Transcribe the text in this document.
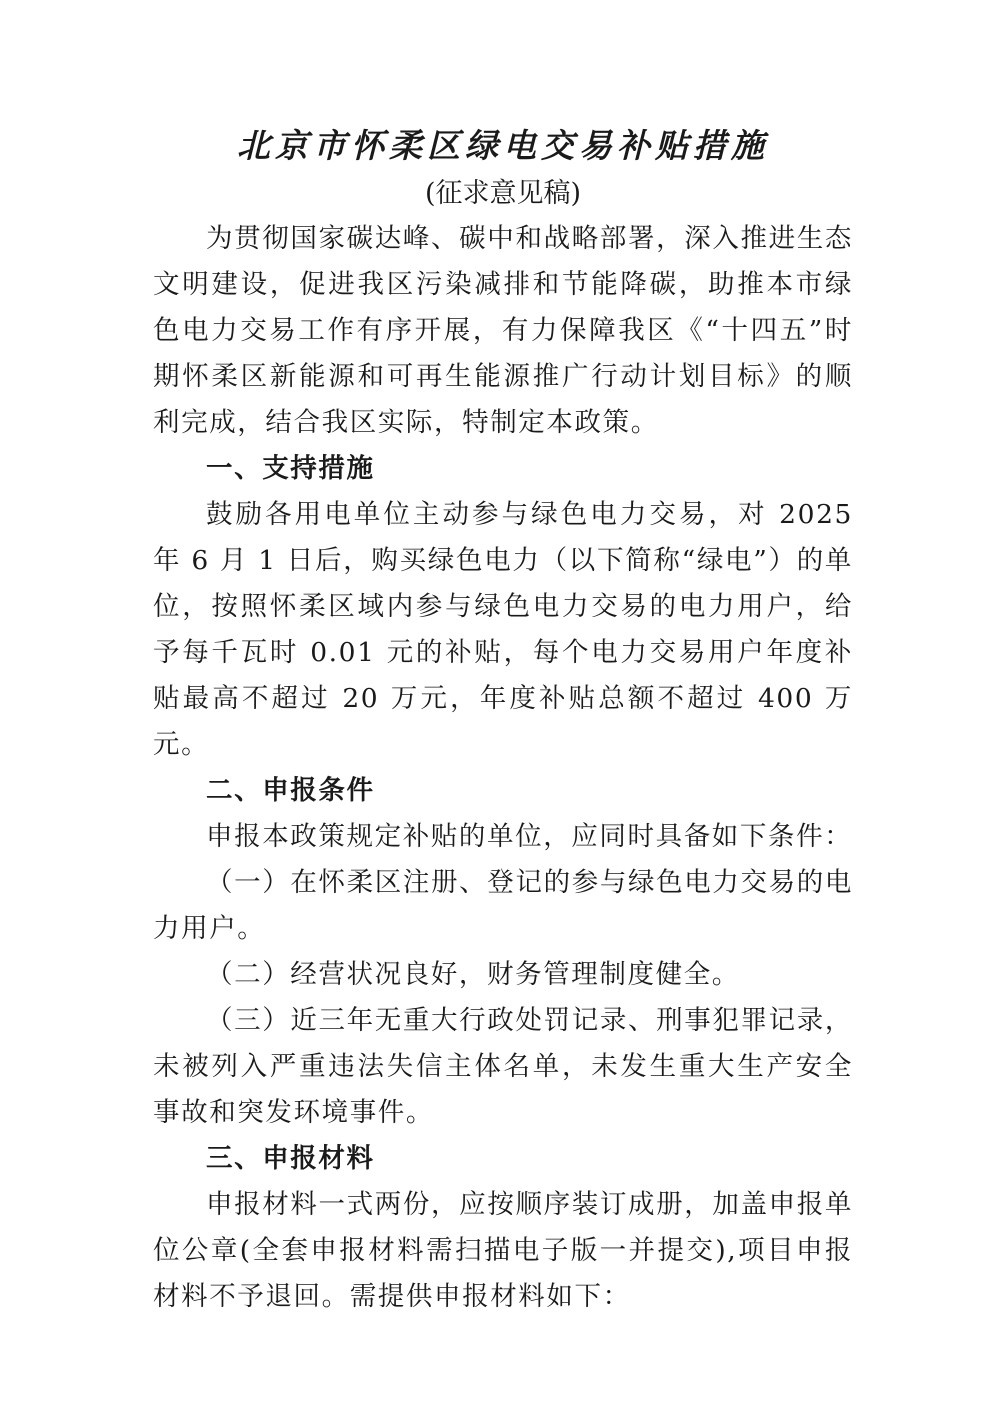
北京市怀柔区绿电交易补贴措施
(征求意见稿)

为贯彻国家碳达峰、碳中和战略部署，深入推进生态文明建设，促进我区污染减排和节能降碳，助推本市绿色电力交易工作有序开展，有力保障我区《“十四五”时期怀柔区新能源和可再生能源推广行动计划目标》的顺利完成，结合我区实际，特制定本政策。

一、支持措施

鼓励各用电单位主动参与绿色电力交易，对 2025 年 6 月 1 日后，购买绿色电力（以下简称“绿电”）的单位，按照怀柔区域内参与绿色电力交易的电力用户，给予每千瓦时 0.01 元的补贴，每个电力交易用户年度补贴最高不超过 20 万元，年度补贴总额不超过 400 万元。

二、申报条件

申报本政策规定补贴的单位，应同时具备如下条件：

（一）在怀柔区注册、登记的参与绿色电力交易的电力用户。

（二）经营状况良好，财务管理制度健全。

（三）近三年无重大行政处罚记录、刑事犯罪记录，未被列入严重违法失信主体名单，未发生重大生产安全事故和突发环境事件。

三、申报材料

申报材料一式两份，应按顺序装订成册，加盖申报单位公章(全套申报材料需扫描电子版一并提交),项目申报材料不予退回。需提供申报材料如下：
